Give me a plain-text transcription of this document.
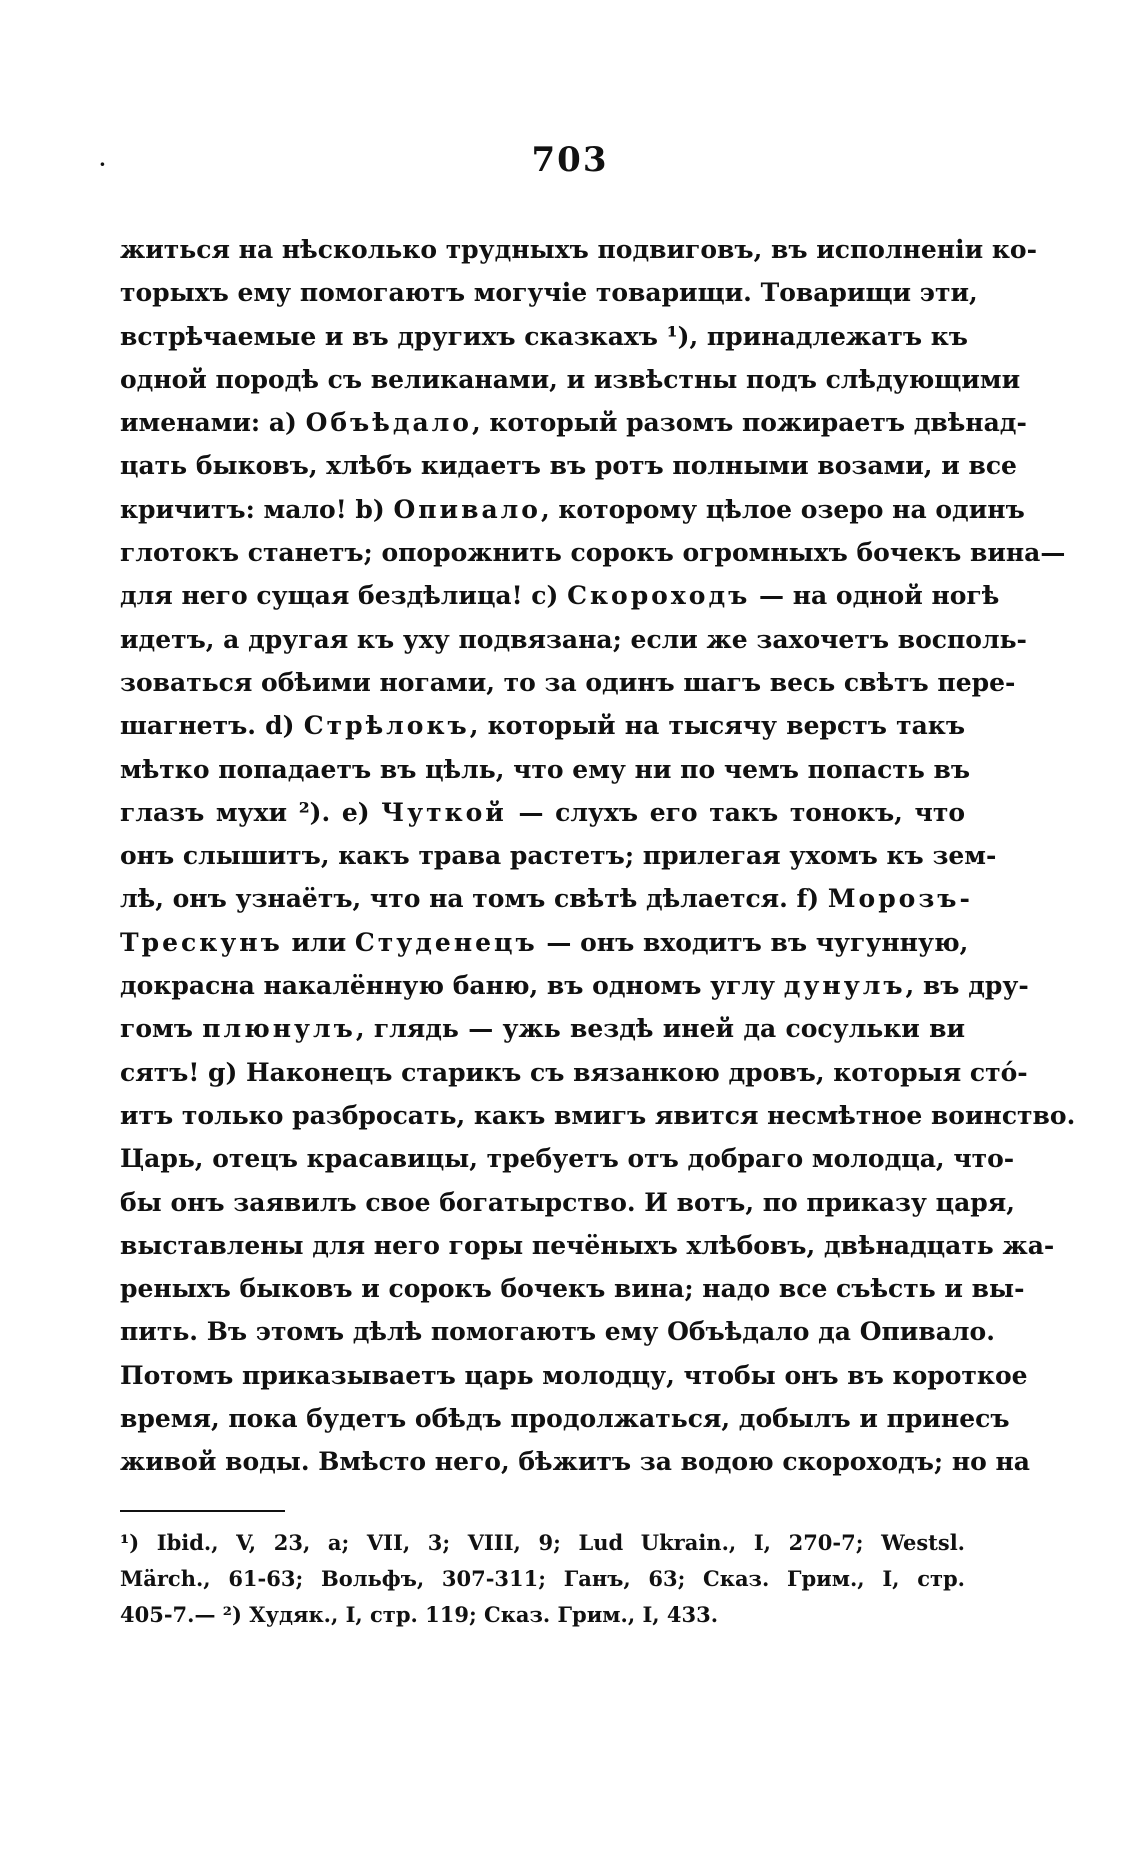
·	703
житься на нѣсколько трудныхъ подвиговъ, въ исполненіи ко-
торыхъ ему помогаютъ могучіе товарищи. Товарищи эти,
встрѣчаемые и въ другихъ сказкахъ ¹), принадлежатъ къ
одной породѣ съ великанами, и извѣстны подъ слѣдующими
именами: a) Объѣдало, который разомъ пожираетъ двѣнад-
цать быковъ, хлѣбъ кидаетъ въ ротъ полными возами, и все
кричитъ: мало! b) Опивало, которому цѣлое озеро на одинъ
глотокъ станетъ; опорожнить сорокъ огромныхъ бочекъ вина—
для него сущая бездѣлица! c) Скороходъ — на одной ногѣ
идетъ, а другая къ уху подвязана; если же захочетъ восполь-
зоваться обѣими ногами, то за одинъ шагъ весь свѣтъ пере-
шагнетъ. d) Стрѣлокъ, который на тысячу верстъ такъ
мѣтко попадаетъ въ цѣль, что ему ни по чемъ попасть въ
глазъ мухи ²). e) Чуткой — слухъ его такъ тонокъ, что
онъ слышитъ, какъ трава растетъ; прилегая ухомъ къ зем-
лѣ, онъ узнаётъ, что на томъ свѣтѣ дѣлается. f) Морозъ-
Трескунъ или Студенецъ — онъ входитъ въ чугунную,
докрасна накалённую баню, въ одномъ углу дунулъ, въ дру-
гомъ плюнулъ, глядь — ужь вездѣ иней да сосульки ви
сятъ! g) Наконецъ старикъ съ вязанкою дровъ, которыя стό-
итъ только разбросать, какъ вмигъ явится несмѣтное воинство.
Царь, отецъ красавицы, требуетъ отъ добраго молодца, что-
бы онъ заявилъ свое богатырство. И вотъ, по приказу царя,
выставлены для него горы печёныхъ хлѣбовъ, двѣнадцать жа-
реныхъ быковъ и сорокъ бочекъ вина; надо все съѣсть и вы-
пить. Въ этомъ дѣлѣ помогаютъ ему Объѣдало да Опивало.
Потомъ приказываетъ царь молодцу, чтобы онъ въ короткое
время, пока будетъ обѣдъ продолжаться, добылъ и принесъ
живой воды. Вмѣсто него, бѣжитъ за водою скороходъ; но на
¹) Ibid., V, 23, a; VII, 3; VIII, 9; Lud Ukrain., I, 270-7; Westsl.
Märch., 61-63; Вольфъ, 307-311; Ганъ, 63; Сказ. Грим., I, стр.
405-7.— ²) Худяк., I, стр. 119; Сказ. Грим., I, 433.
